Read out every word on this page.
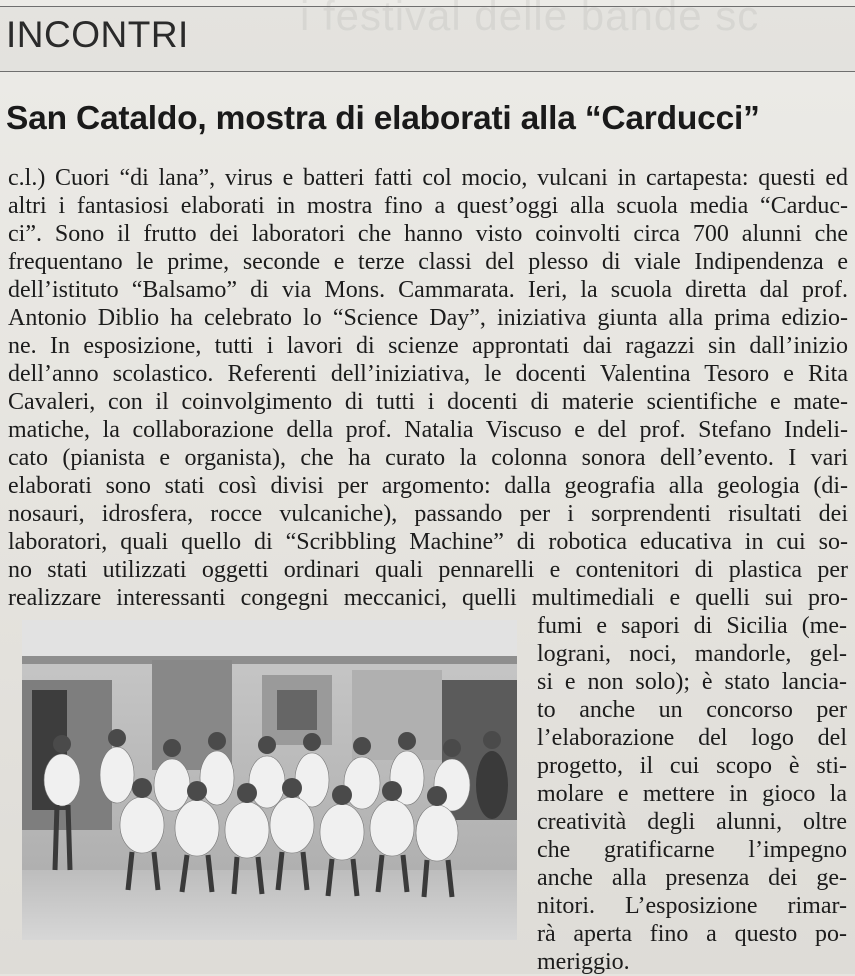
i festival delle bande sc
INCONTRI
San Cataldo, mostra di elaborati alla “Carducci”
c.l.) Cuori “di lana”, virus e batteri fatti col mocio, vulcani in cartapesta: questi ed
altri i fantasiosi elaborati in mostra fino a quest’oggi alla scuola media “Carduc-
ci”. Sono il frutto dei laboratori che hanno visto coinvolti circa 700 alunni che
frequentano le prime, seconde e terze classi del plesso di viale Indipendenza e
dell’istituto “Balsamo” di via Mons. Cammarata. Ieri, la scuola diretta dal prof.
Antonio Diblio ha celebrato lo “Science Day”, iniziativa giunta alla prima edizio-
ne. In esposizione, tutti i lavori di scienze approntati dai ragazzi sin dall’inizio
dell’anno scolastico. Referenti dell’iniziativa, le docenti Valentina Tesoro e Rita
Cavaleri, con il coinvolgimento di tutti i docenti di materie scientifiche e mate-
matiche, la collaborazione della prof. Natalia Viscuso e del prof. Stefano Indeli-
cato (pianista e organista), che ha curato la colonna sonora dell’evento. I vari
elaborati sono stati così divisi per argomento: dalla geografia alla geologia (di-
nosauri, idrosfera, rocce vulcaniche), passando per i sorprendenti risultati dei
laboratori, quali quello di “Scribbling Machine” di robotica educativa in cui so-
no stati utilizzati oggetti ordinari quali pennarelli e contenitori di plastica per
realizzare interessanti congegni meccanici, quelli multimediali e quelli sui pro-
fumi e sapori di Sicilia (me-
lograni, noci, mandorle, gel-
si e non solo); è stato lancia-
to anche un concorso per
l’elaborazione del logo del
progetto, il cui scopo è sti-
molare e mettere in gioco la
creatività degli alunni, oltre
che gratificarne l’impegno
anche alla presenza dei ge-
nitori. L’esposizione rimar-
rà aperta fino a questo po-
meriggio.
